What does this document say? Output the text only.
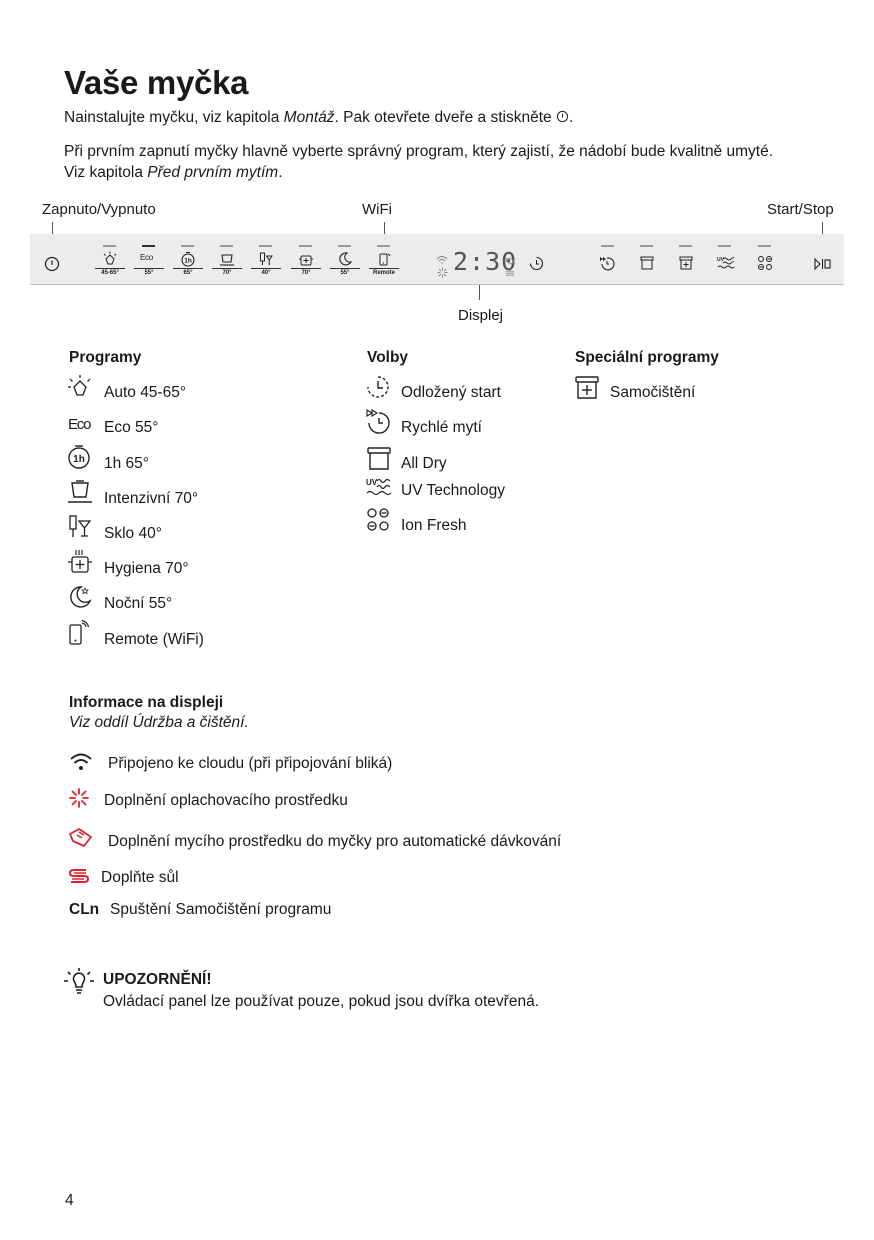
Vaše myčka
Nainstalujte myčku, viz kapitola Montáž. Pak otevřete dveře a stiskněte .
Při prvním zapnutí myčky hlavně vyberte správný program, který zajistí, že nádobí bude kvalitně umyté.
Viz kapitola Před prvním mytím.
Zapnuto/Vypnuto	WiFi	Start/Stop
Displej
45-65°
Eco
55°
1h
65°	70°	40°	70°	55°	Remote	2:30	UV
Programy
Auto 45-65°
Eco Eco 55°
1h 1h 65°
Intenzivní 70°
Sklo 40°
Hygiena 70°
Noční 55°
Remote (WiFi)
Volby
Odložený start
Rychlé mytí
All Dry
UV UV Technology
Ion Fresh
Speciální programy
Samočištění
Informace na displeji
Viz oddíl Údržba a čištění.
Připojeno ke cloudu (při připojování bliká)
Doplnění oplachovacího prostředku
Doplnění mycího prostředku do myčky pro automatické dávkování
Doplňte sůl
CLn Spuštění Samočištění programu
UPOZORNĚNÍ!
Ovládací panel lze používat pouze, pokud jsou dvířka otevřená.
4
